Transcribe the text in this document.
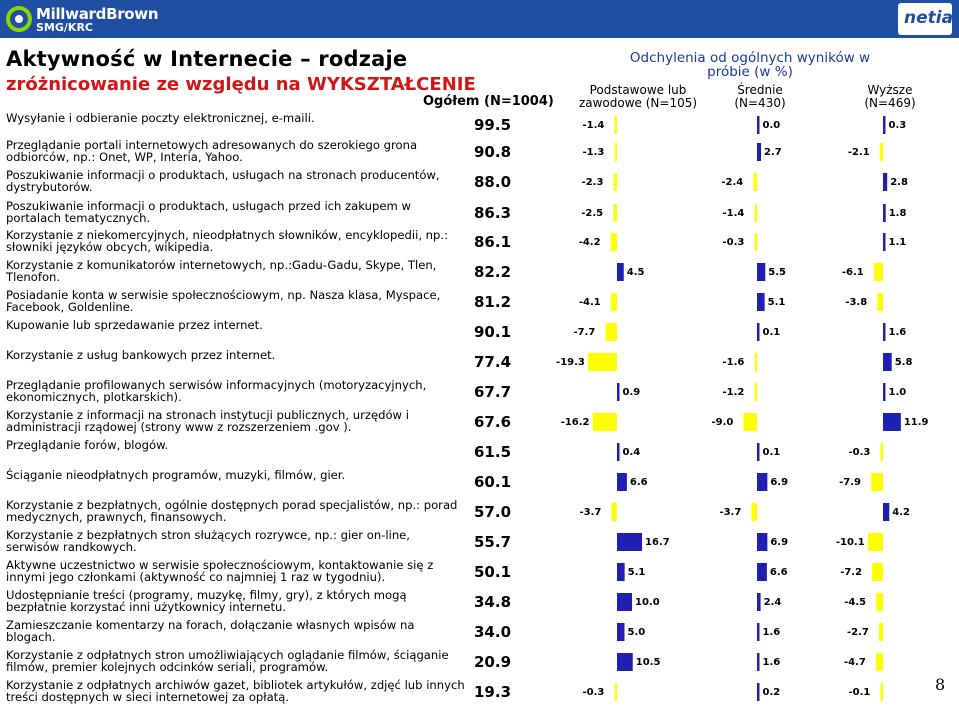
MillwardBrown
SMG/KRC	netia
Aktywność w Internecie – rodzaje
zróżnicowanie ze względu na WYKSZTAŁCENIE
Ogółem (N=1004)
Odchylenia od ogólnych wyników w
próbie (w %)
Podstawowe lub
zawodowe (N=105)
Średnie
(N=430)
Wyższe
(N=469)
Wysyłanie i odbieranie poczty elektronicznej, e-maili.	99.5	-1.4	0.0	0.3
Przeglądanie portali internetowych adresowanych do szerokiego grona odbiorców, np.: Onet, WP, Interia, Yahoo.	90.8	-1.3	2.7	-2.1
Poszukiwanie informacji o produktach, usługach na stronach producentów, dystrybutorów.	88.0	-2.3	-2.4	2.8
Poszukiwanie informacji o produktach, usługach przed ich zakupem w portalach tematycznych.	86.3	-2.5	-1.4	1.8
Korzystanie z niekomercyjnych, nieodpłatnych słowników, encyklopedii, np.: słowniki języków obcych, wikipedia.	86.1	-4.2	-0.3	1.1
Korzystanie z komunikatorów internetowych, np.:Gadu-Gadu, Skype, Tlen, Tlenofon.	82.2	4.5	5.5	-6.1
Posiadanie konta w serwisie społecznościowym, np. Nasza klasa, Myspace, Facebook, Goldenline.	81.2	-4.1	5.1	-3.8
Kupowanie lub sprzedawanie przez internet.	90.1	-7.7	0.1	1.6
Korzystanie z usług bankowych przez internet.	77.4	-19.3	-1.6	5.8
Przeglądanie profilowanych serwisów informacyjnych (motoryzacyjnych, ekonomicznych, plotkarskich).	67.7	0.9	-1.2	1.0
Korzystanie z informacji na stronach instytucji publicznych, urzędów i administracji rządowej (strony www z rozszerzeniem .gov ).	67.6	-16.2	-9.0	11.9
Przeglądanie forów, blogów.	61.5	0.4	0.1	-0.3
Ściąganie nieodpłatnych programów, muzyki, filmów, gier.	60.1	6.6	6.9	-7.9
Korzystanie z bezpłatnych, ogólnie dostępnych porad specjalistów, np.: porad medycznych, prawnych, finansowych.	57.0	-3.7	-3.7	4.2
Korzystanie z bezpłatnych stron służących rozrywce, np.: gier on-line, serwisów randkowych.	55.7	16.7	6.9	-10.1
Aktywne uczestnictwo w serwisie społecznościowym, kontaktowanie się z innymi jego członkami (aktywność co najmniej 1 raz w tygodniu).	50.1	5.1	6.6	-7.2
Udostępnianie treści (programy, muzykę, filmy, gry), z których mogą bezpłatnie korzystać inni użytkownicy internetu.	34.8	10.0	2.4	-4.5
Zamieszczanie komentarzy na forach, dołączanie własnych wpisów na blogach.	34.0	5.0	1.6	-2.7
Korzystanie z odpłatnych stron umożliwiających oglądanie filmów, ściąganie filmów, premier kolejnych odcinków seriali, programów.	20.9	10.5	1.6	-4.7
Korzystanie z odpłatnych archiwów gazet, bibliotek artykułów, zdjęć lub innych treści dostępnych w sieci internetowej za opłatą.	19.3	-0.3	0.2	-0.1	8
